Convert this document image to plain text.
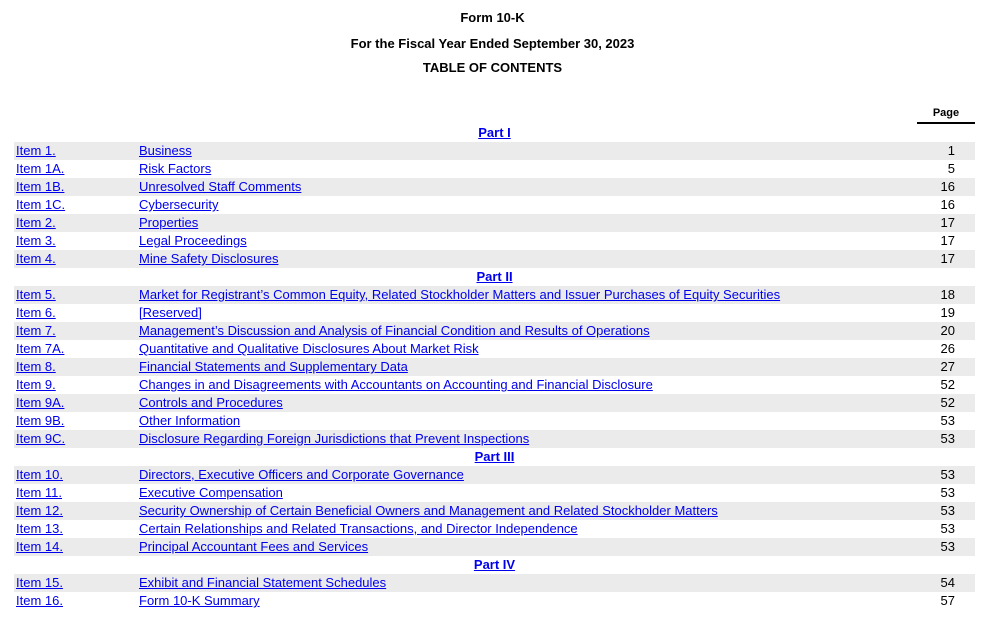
Form 10-K
For the Fiscal Year Ended September 30, 2023
TABLE OF CONTENTS
Page
Part I
Item 1.	Business	1
Item 1A.	Risk Factors	5
Item 1B.	Unresolved Staff Comments	16
Item 1C.	Cybersecurity	16
Item 2.	Properties	17
Item 3.	Legal Proceedings	17
Item 4.	Mine Safety Disclosures	17
Part II
Item 5.	Market for Registrant’s Common Equity, Related Stockholder Matters and Issuer Purchases of Equity Securities	18
Item 6.	[Reserved]	19
Item 7.	Management’s Discussion and Analysis of Financial Condition and Results of Operations	20
Item 7A.	Quantitative and Qualitative Disclosures About Market Risk	26
Item 8.	Financial Statements and Supplementary Data	27
Item 9.	Changes in and Disagreements with Accountants on Accounting and Financial Disclosure	52
Item 9A.	Controls and Procedures	52
Item 9B.	Other Information	53
Item 9C.	Disclosure Regarding Foreign Jurisdictions that Prevent Inspections	53
Part III
Item 10.	Directors, Executive Officers and Corporate Governance	53
Item 11.	Executive Compensation	53
Item 12.	Security Ownership of Certain Beneficial Owners and Management and Related Stockholder Matters	53
Item 13.	Certain Relationships and Related Transactions, and Director Independence	53
Item 14.	Principal Accountant Fees and Services	53
Part IV
Item 15.	Exhibit and Financial Statement Schedules	54
Item 16.	Form 10-K Summary	57
